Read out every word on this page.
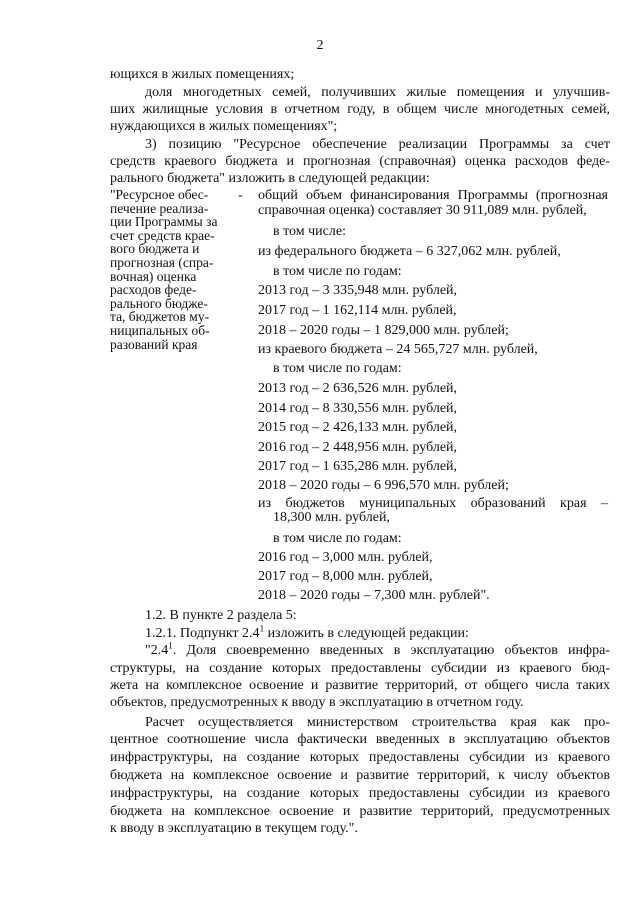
2
ющихся в жилых помещениях;
доля многодетных семей, получивших жилые помещения и улучшив-
ших жилищные условия в отчетном году, в общем числе многодетных семей,
нуждающихся в жилых помещениях";
3) позицию "Ресурсное обеспечение реализации Программы за счет
средств краевого бюджета и прогнозная (справочная) оценка расходов феде-
рального бюджета" изложить в следующей редакции:
"Ресурсное обес-
печение реализа-
ции Программы за
счет средств крае-
вого бюджета и
прогнозная (спра-
вочная) оценка
расходов феде-
рального бюдже-
та, бюджетов му-
ниципальных об-
разований края
- общий объем финансирования Программы (прогнозная
справочная оценка) составляет 30 911,089 млн. рублей,
в том числе:
из федерального бюджета – 6 327,062 млн. рублей,
в том числе по годам:
2013 год – 3 335,948 млн. рублей,
2017 год – 1 162,114 млн. рублей,
2018 – 2020 годы – 1 829,000 млн. рублей;
из краевого бюджета – 24 565,727 млн. рублей,
в том числе по годам:
2013 год – 2 636,526 млн. рублей,
2014 год – 8 330,556 млн. рублей,
2015 год – 2 426,133 млн. рублей,
2016 год – 2 448,956 млн. рублей,
2017 год – 1 635,286 млн. рублей,
2018 – 2020 годы – 6 996,570 млн. рублей;
из бюджетов муниципальных образований края –
18,300 млн. рублей,
в том числе по годам:
2016 год – 3,000 млн. рублей,
2017 год – 8,000 млн. рублей,
2018 – 2020 годы – 7,300 млн. рублей".
1.2. В пункте 2 раздела 5:
1.2.1. Подпункт $2.4^1$ изложить в следующей редакции:
"$2.4^1$. Доля своевременно введенных в эксплуатацию объектов инфра-
структуры, на создание которых предоставлены субсидии из краевого бюд-
жета на комплексное освоение и развитие территорий, от общего числа таких
объектов, предусмотренных к вводу в эксплуатацию в отчетном году.
Расчет осуществляется министерством строительства края как про-
центное соотношение числа фактически введенных в эксплуатацию объектов
инфраструктуры, на создание которых предоставлены субсидии из краевого
бюджета на комплексное освоение и развитие территорий, к числу объектов
инфраструктуры, на создание которых предоставлены субсидии из краевого
бюджета на комплексное освоение и развитие территорий, предусмотренных
к вводу в эксплуатацию в текущем году.".
